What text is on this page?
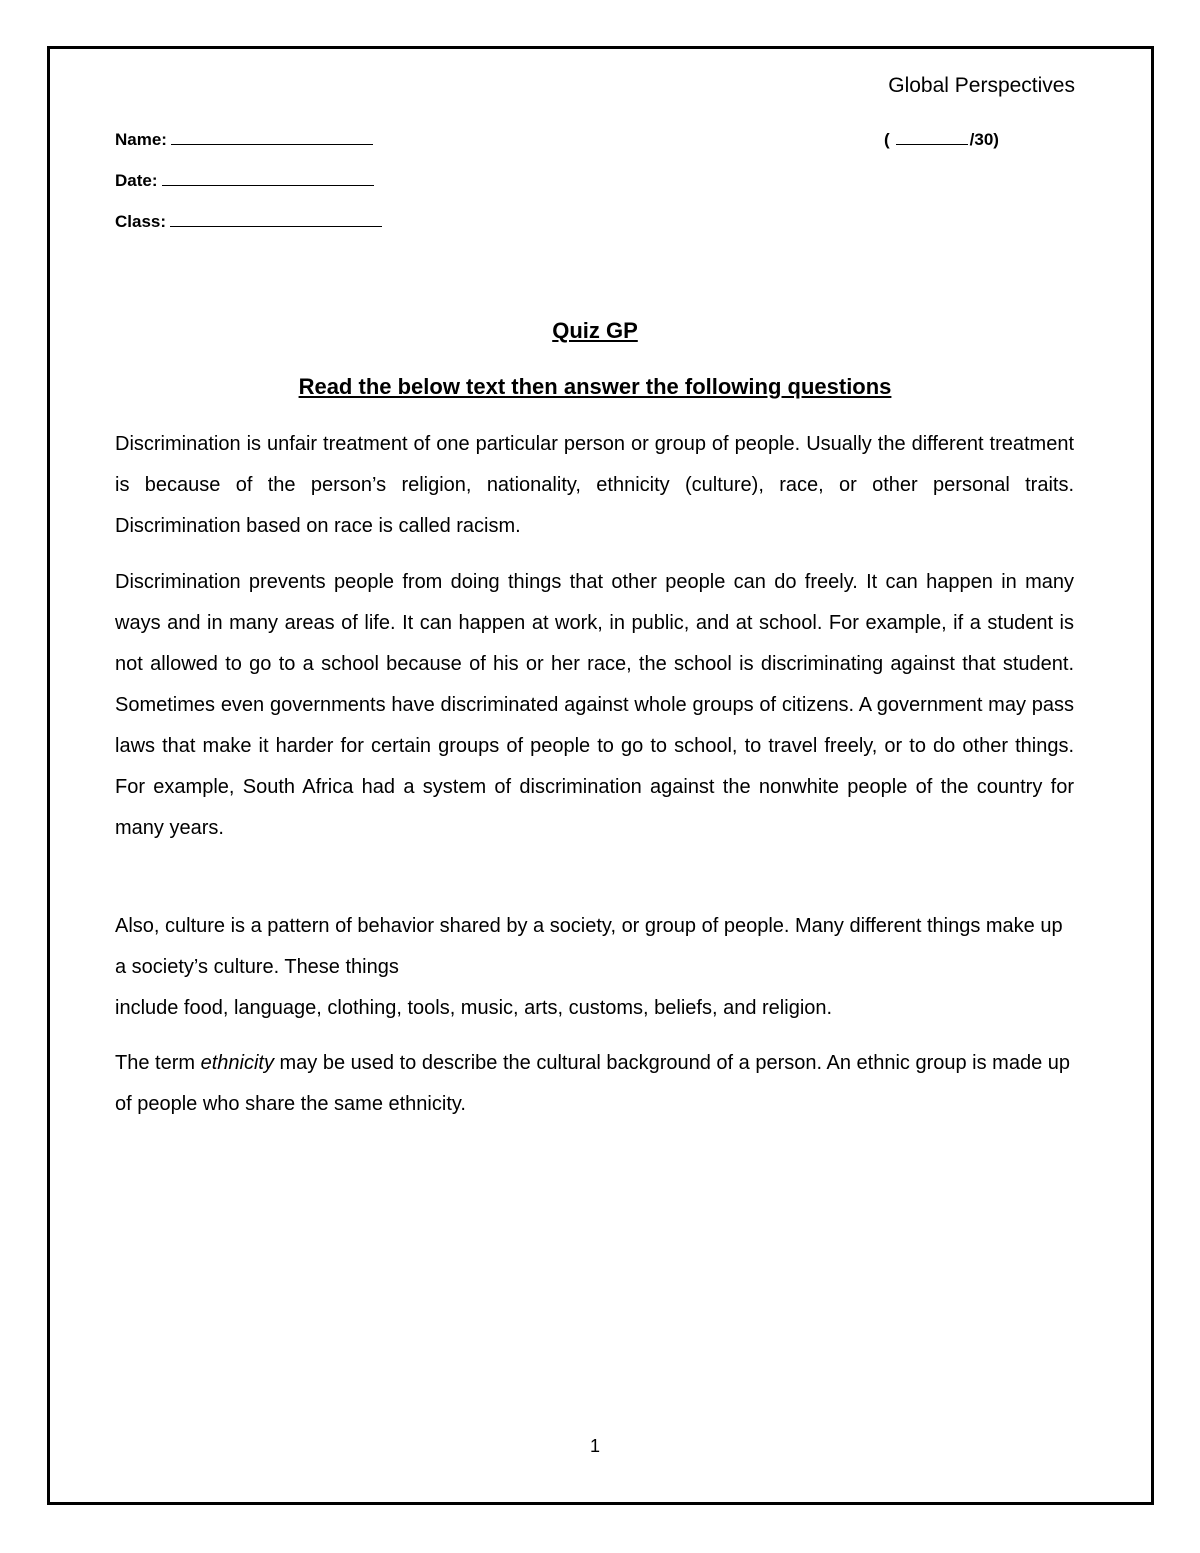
Global Perspectives
Name:
Date:
Class:
(	/30)
Quiz GP
Read the below text then answer the following questions

Discrimination is unfair treatment of one particular person or group of people. Usually the different treatment is because of the person’s religion, nationality, ethnicity (culture), race, or other personal traits. Discrimination based on race is called racism.

Discrimination prevents people from doing things that other people can do freely. It can happen in many ways and in many areas of life. It can happen at work, in public, and at school. For example, if a student is not allowed to go to a school because of his or her race, the school is discriminating against that student. Sometimes even governments have discriminated against whole groups of citizens. A government may pass laws that make it harder for certain groups of people to go to school, to travel freely, or to do other things. For example, South Africa had a system of discrimination against the nonwhite people of the country for many years.

Also, culture is a pattern of behavior shared by a society, or group of people. Many different things make up a society’s culture. These things

include food, language, clothing, tools, music, arts, customs, beliefs, and religion.

The term ethnicity may be used to describe the cultural background of a person. An ethnic group is made up of people who share the same ethnicity.

1
